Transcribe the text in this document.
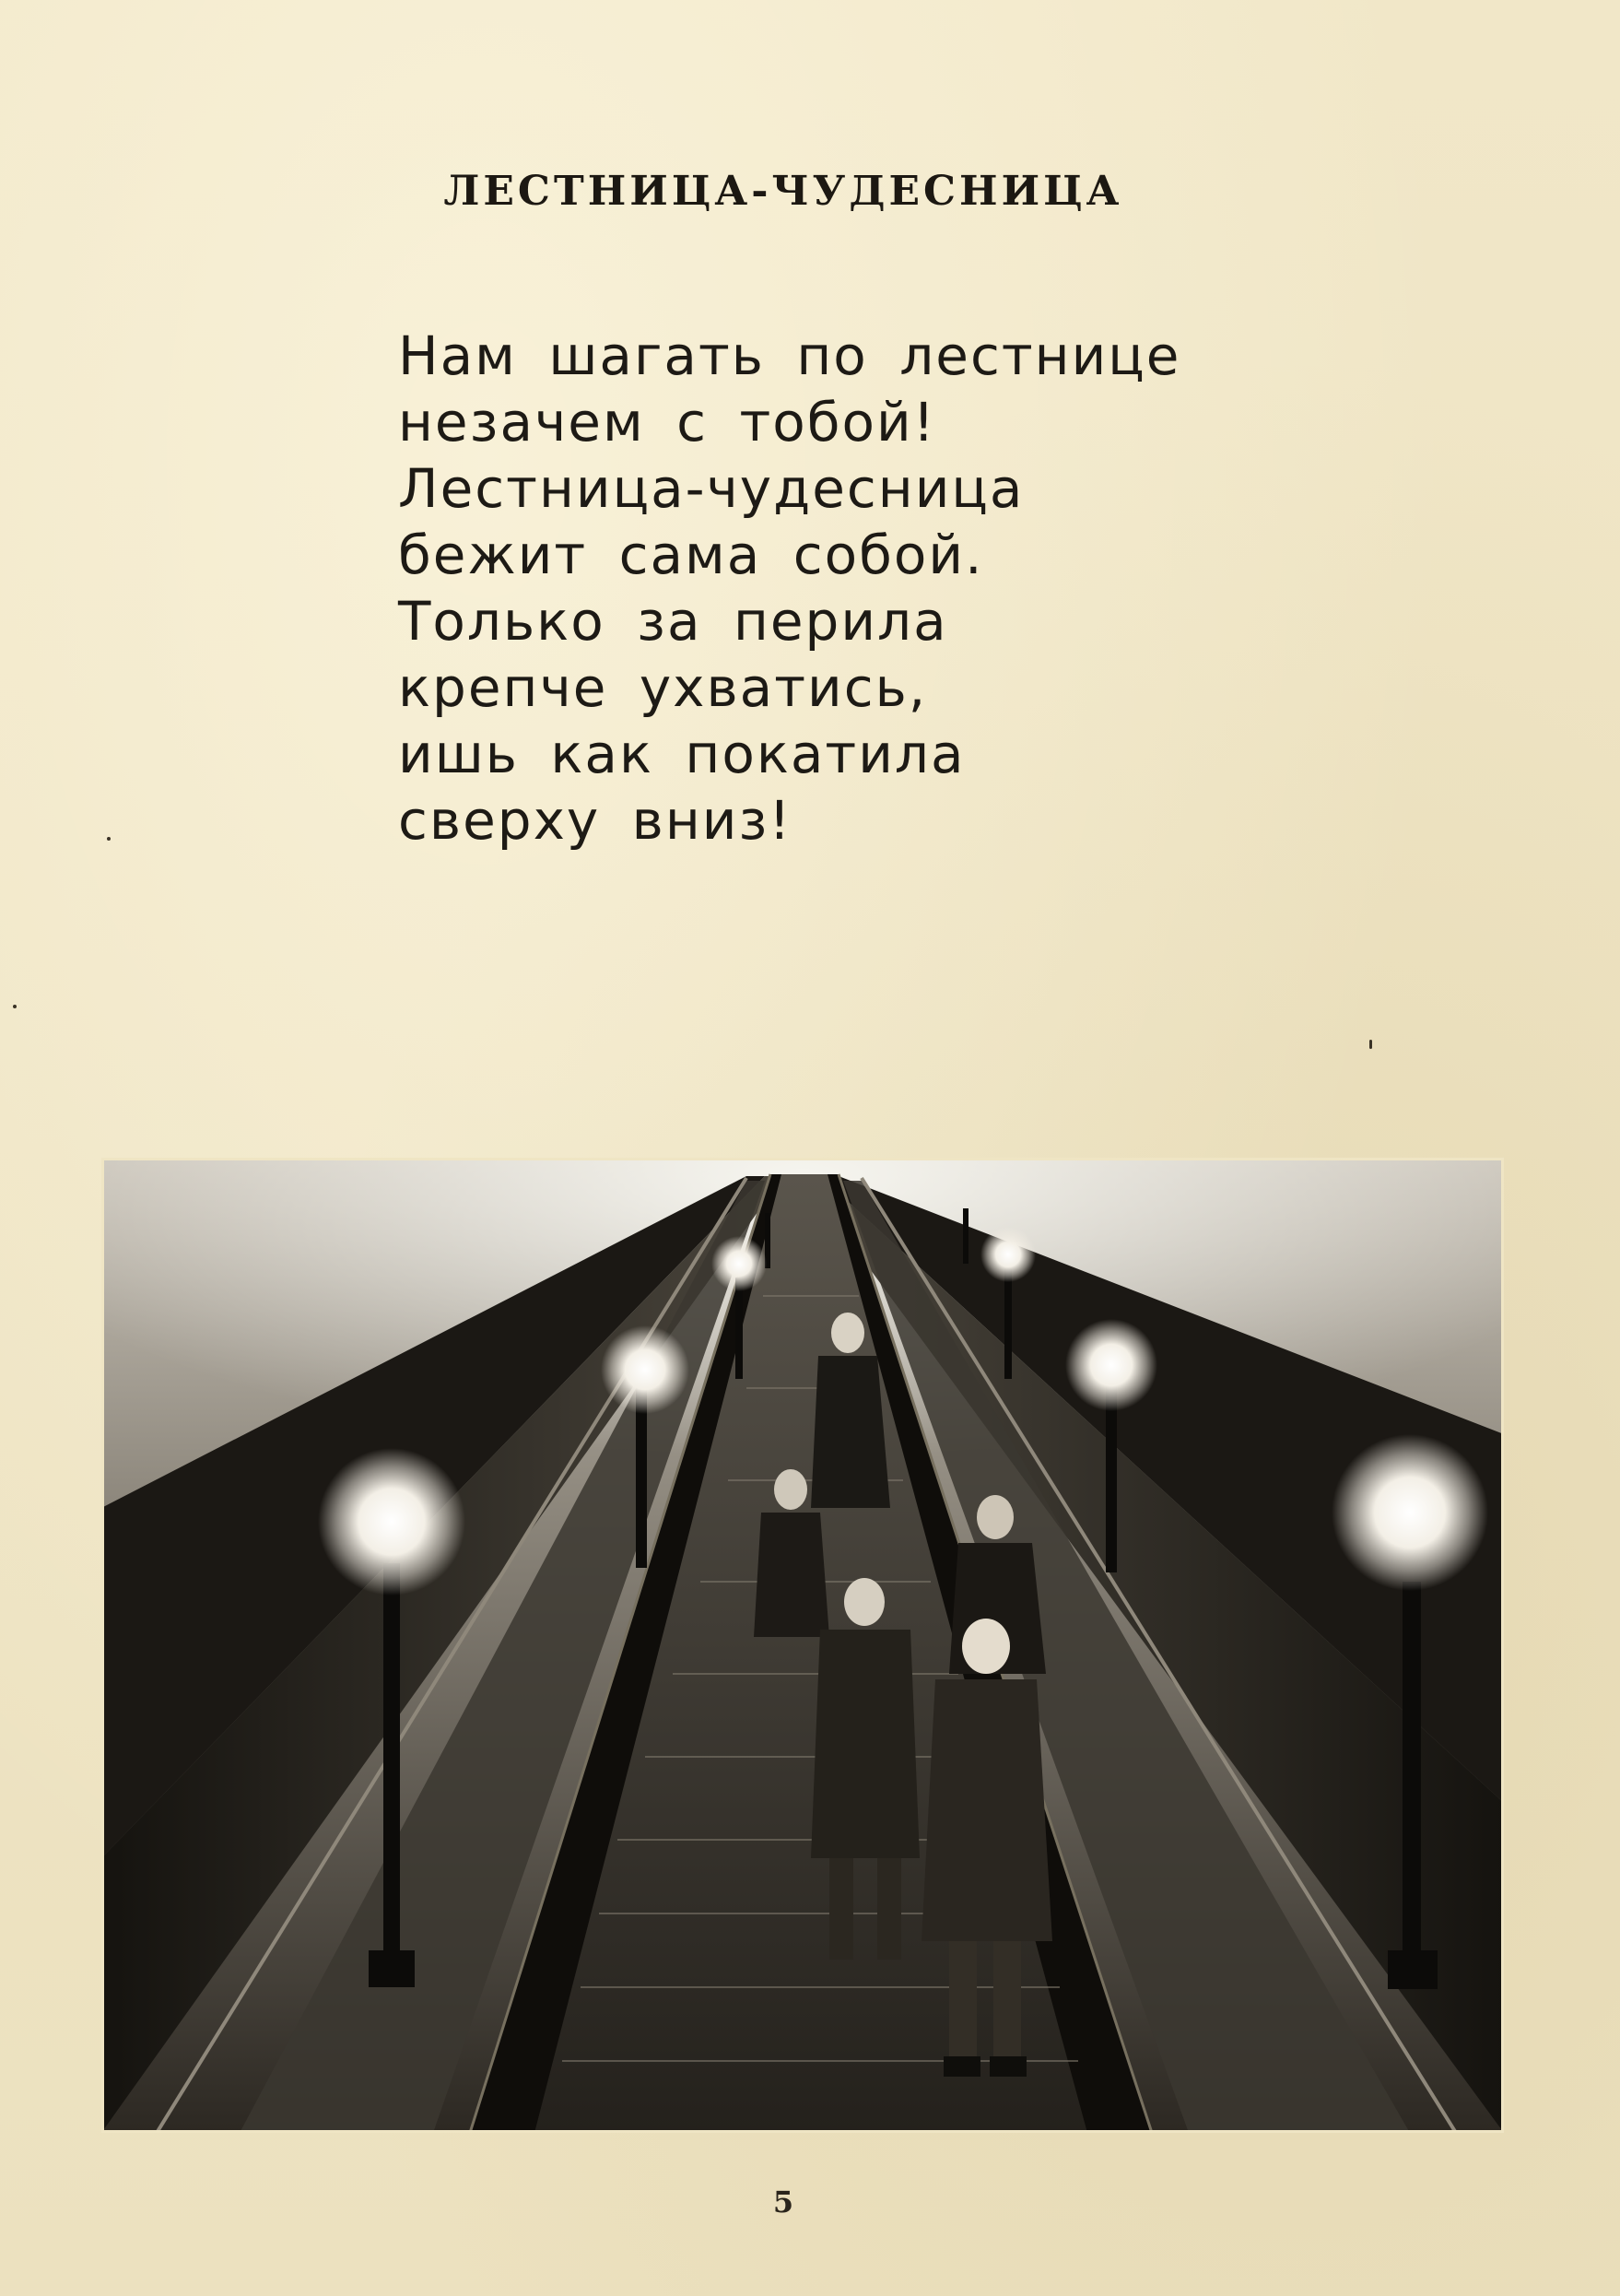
ЛЕСТНИЦА-ЧУДЕСНИЦА
Нам шагать по лестнице
незачем с тобой!
Лестница-чудесница
бежит сама собой.
Только за перила
крепче ухватись,
ишь как покатила
сверху вниз!
5
